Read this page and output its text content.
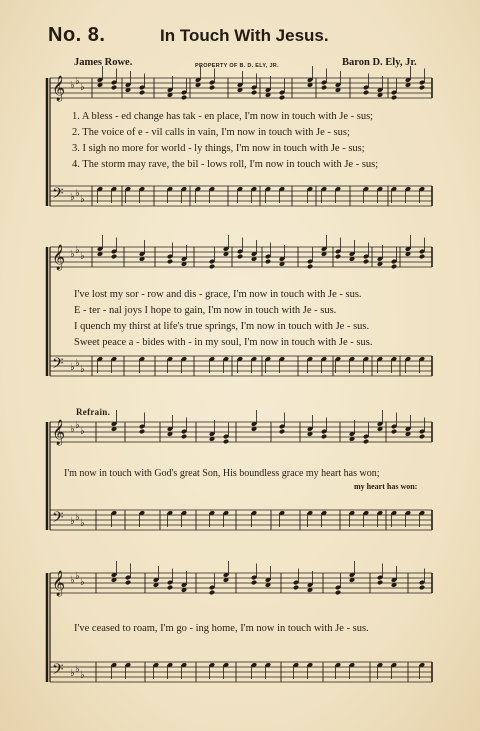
No. 8.	In Touch With Jesus.
James Rowe.	PROPERTY OF B. D. ELY, JR.	Baron D. Ely, Jr.
𝄞
𝄢
♭
♭
♭
♭
♭
♭
𝄞
𝄢
♭
♭
♭
♭
♭
♭
𝄞
𝄢
♭
♭
♭
♭
♭
♭
𝄞
𝄢
♭
♭
♭
♭
♭
♭
1. A bless - ed change has tak - en place, I'm now in touch with Je - sus;
2. The voice of e - vil calls in vain, I'm now in touch with Je - sus;
3. I sigh no more for world - ly things, I'm now in touch with Je - sus;
4. The storm may rave, the bil - lows roll, I'm now in touch with Je - sus;
I've lost my sor - row and dis - grace, I'm now in touch with Je - sus.
E - ter - nal joys I hope to gain, I'm now in touch with Je - sus.
I quench my thirst at life's true springs, I'm now in touch with Je - sus.
Sweet peace a - bides with - in my soul, I'm now in touch with Je - sus.
Refrain.
I'm now in touch with God's great Son, His boundless grace my heart has won;
my heart has won:
I've ceased to roam, I'm go - ing home, I'm now in touch with Je - sus.
